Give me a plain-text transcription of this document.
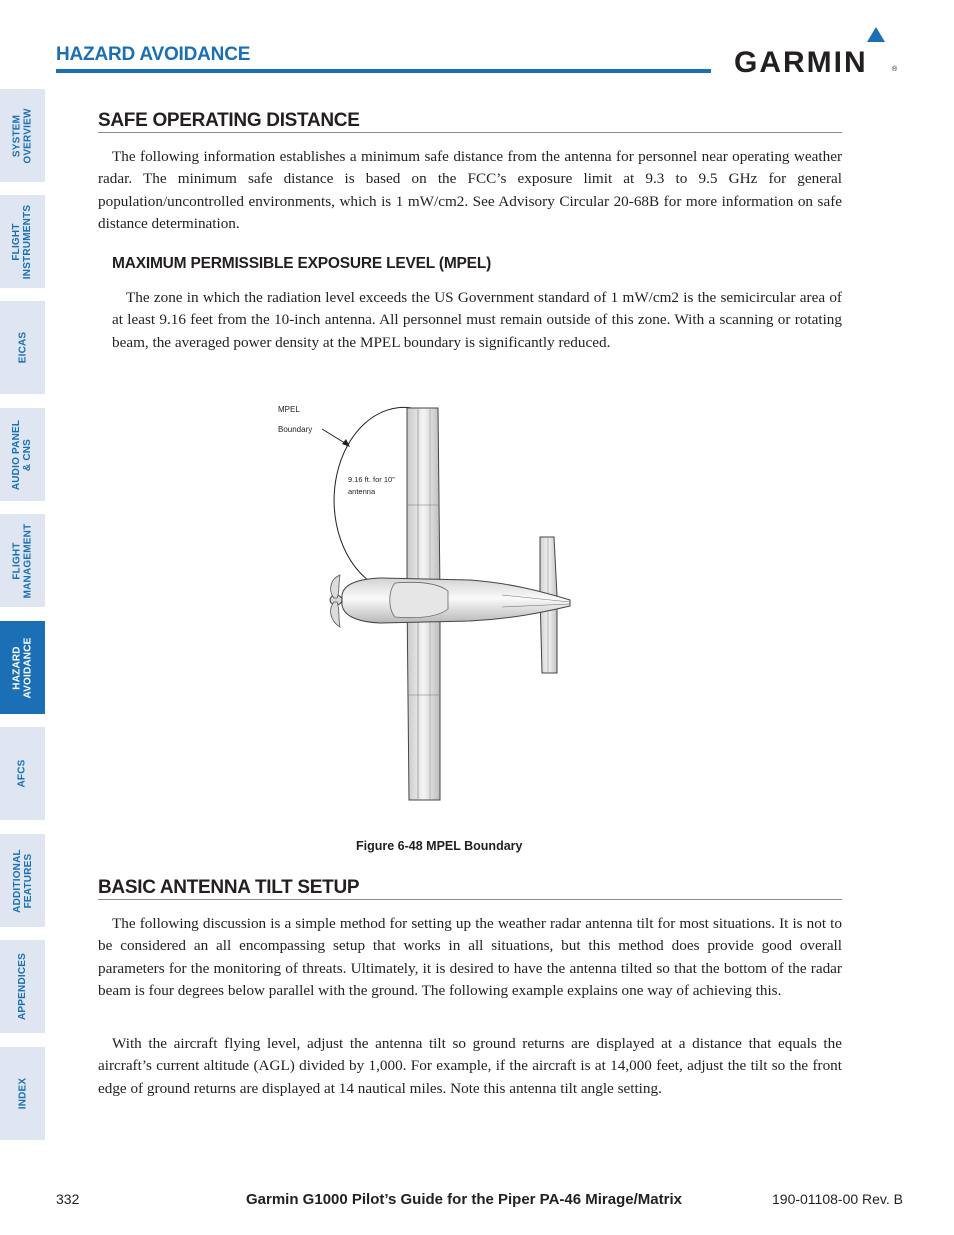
HAZARD AVOIDANCE	GARMIN	®
SYSTEM OVERVIEW
FLIGHT INSTRUMENTS
EICAS
AUDIO PANEL & CNS
FLIGHT MANAGEMENT
HAZARD AVOIDANCE
AFCS
ADDITIONAL FEATURES
APPENDICES
INDEX
SAFE OPERATING DISTANCE

The following information establishes a minimum safe distance from the antenna for personnel near operating weather radar. The minimum safe distance is based on the FCC’s exposure limit at 9.3 to 9.5 GHz for general population/uncontrolled environments, which is 1 mW/cm2. See Advisory Circular 20-68B for more information on safe distance determination.

MAXIMUM PERMISSIBLE EXPOSURE LEVEL (MPEL)

The zone in which the radiation level exceeds the US Government standard of 1 mW/cm2 is the semicircular area of at least 9.16 feet from the 10-inch antenna. All personnel must remain outside of this zone. With a scanning or rotating beam, the averaged power density at the MPEL boundary is significantly reduced.

MPEL
Boundary
9.16 ft. for 10”
antenna
Figure 6-48 MPEL Boundary
BASIC ANTENNA TILT SETUP

The following discussion is a simple method for setting up the weather radar antenna tilt for most situations. It is not to be considered an all encompassing setup that works in all situations, but this method does provide good overall parameters for the monitoring of threats. Ultimately, it is desired to have the antenna tilted so that the bottom of the radar beam is four degrees below parallel with the ground. The following example explains one way of achieving this.

With the aircraft flying level, adjust the antenna tilt so ground returns are displayed at a distance that equals the aircraft’s current altitude (AGL) divided by 1,000. For example, if the aircraft is at 14,000 feet, adjust the tilt so the front edge of ground returns are displayed at 14 nautical miles. Note this antenna tilt angle setting.

332	Garmin G1000 Pilot’s Guide for the Piper PA-46 Mirage/Matrix	190-01108-00 Rev. B
